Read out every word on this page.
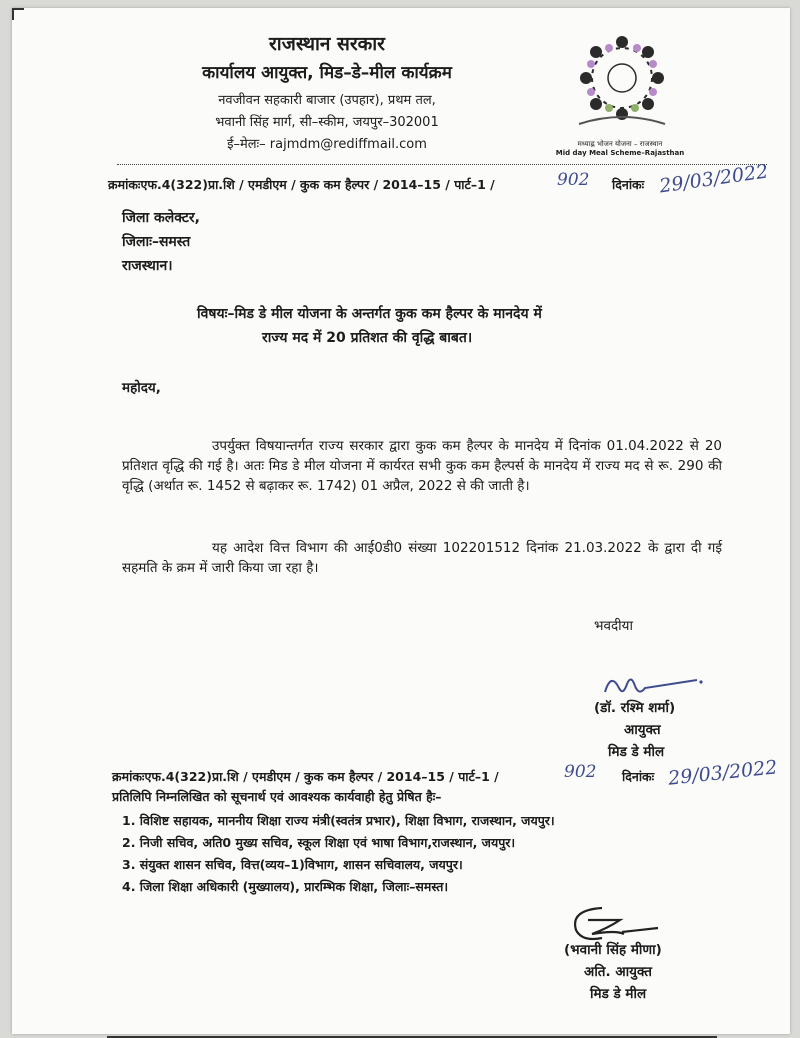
राजस्थान सरकार
कार्यालय आयुक्त, मिड–डे–मील कार्यक्रम
नवजीवन सहकारी बाजार (उपहार), प्रथम तल,
भवानी सिंह मार्ग, सी–स्कीम, जयपुर–302001
ई–मेलः– rajmdm@rediffmail.com	मध्याह्न भोजन योजना – राजस्थान
Mid day Meal Scheme–Rajasthan
क्रमांकःएफ.4(322)प्रा.शि / एमडीएम / कुक कम हैल्पर / 2014–15 / पार्ट–1 /	902 दिनांकः 29/03/2022
जिला कलेक्टर,
जिलाः–समस्त
राजस्थान।
विषयः–मिड डे मील योजना के अन्तर्गत कुक कम हैल्पर के मानदेय में
राज्य मद में 20 प्रतिशत की वृद्धि बाबत।
महोदय,
उपर्युक्त विषयान्तर्गत राज्य सरकार द्वारा कुक कम हैल्पर के मानदेय में दिनांक 01.04.2022 से 20 प्रतिशत वृद्धि की गई है। अतः मिड डे मील योजना में कार्यरत सभी कुक कम हैल्पर्स के मानदेय में राज्य मद से रू. 290 की वृद्धि (अर्थात रू. 1452 से बढ़ाकर रू. 1742) 01 अप्रैल, 2022 से की जाती है।
यह आदेश वित्त विभाग की आई0डी0 संख्या 102201512 दिनांक 21.03.2022 के द्वारा दी गई सहमति के क्रम में जारी किया जा रहा है।
भवदीया
(डॉ. रश्मि शर्मा)
आयुक्त
मिड डे मील
क्रमांकःएफ.4(322)प्रा.शि / एमडीएम / कुक कम हैल्पर / 2014–15 / पार्ट–1 /	902 दिनांकः 29/03/2022
प्रतिलिपि निम्नलिखित को सूचनार्थ एवं आवश्यक कार्यवाही हेतु प्रेषित हैः–
1. विशिष्ट सहायक, माननीय शिक्षा राज्य मंत्री(स्वतंत्र प्रभार), शिक्षा विभाग, राजस्थान, जयपुर।
2. निजी सचिव, अति0 मुख्य सचिव, स्कूल शिक्षा एवं भाषा विभाग,राजस्थान, जयपुर।
3. संयुक्त शासन सचिव, वित्त(व्यय–1)विभाग, शासन सचिवालय, जयपुर।
4. जिला शिक्षा अधिकारी (मुख्यालय), प्रारम्भिक शिक्षा, जिलाः–समस्त।
(भवानी सिंह मीणा)
अति. आयुक्त
मिड डे मील
